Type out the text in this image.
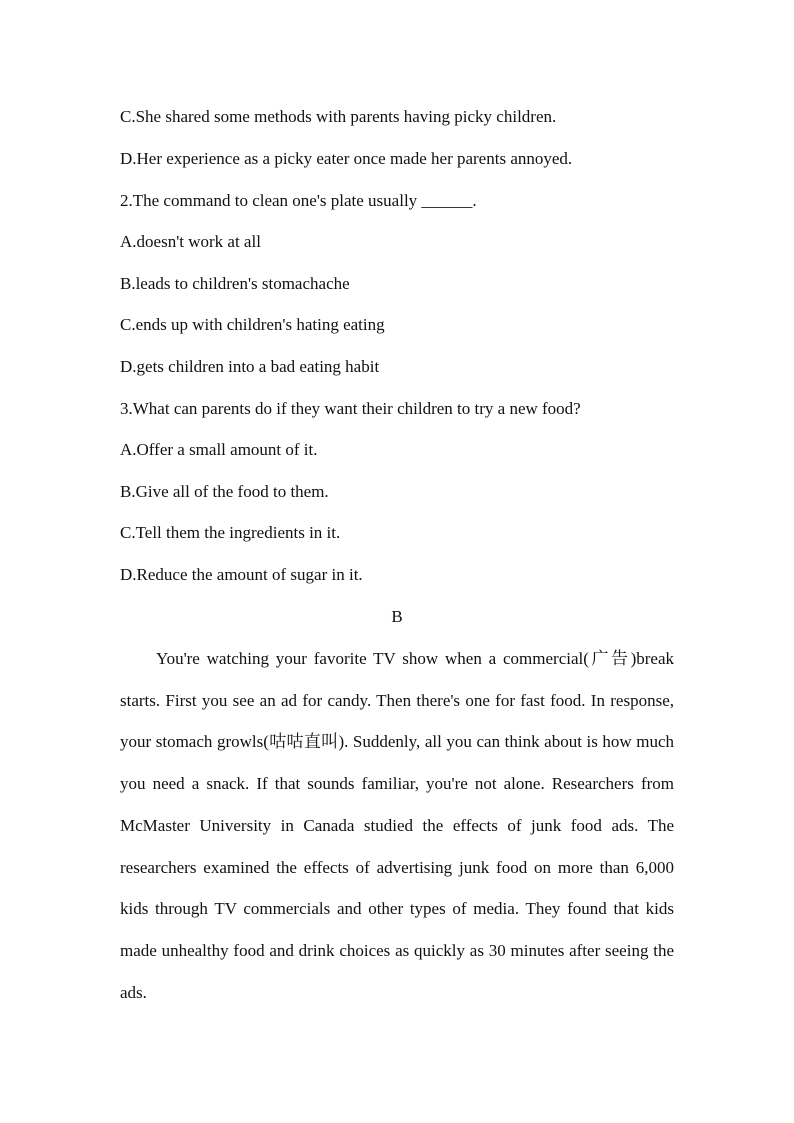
C.She shared some methods with parents having picky children.
D.Her experience as a picky eater once made her parents annoyed.
2.The command to clean one's plate usually ______.
A.doesn't work at all
B.leads to children's stomachache
C.ends up with children's hating eating
D.gets children into a bad eating habit
3.What can parents do if they want their children to try a new food?
A.Offer a small amount of it.
B.Give all of the food to them.
C.Tell them the ingredients in it.
D.Reduce the amount of sugar in it.
B
You're watching your favorite TV show when a commercial(广告)break starts. First you see an ad for candy. Then there's one for fast food. In response, your stomach growls(咕咕直叫). Suddenly, all you can think about is how much you need a snack. If that sounds familiar, you're not alone. Researchers from McMaster University in Canada studied the effects of junk food ads. The researchers examined the effects of advertising junk food on more than 6,000 kids through TV commercials and other types of media. They found that kids made unhealthy food and drink choices as quickly as 30 minutes after seeing the ads.
